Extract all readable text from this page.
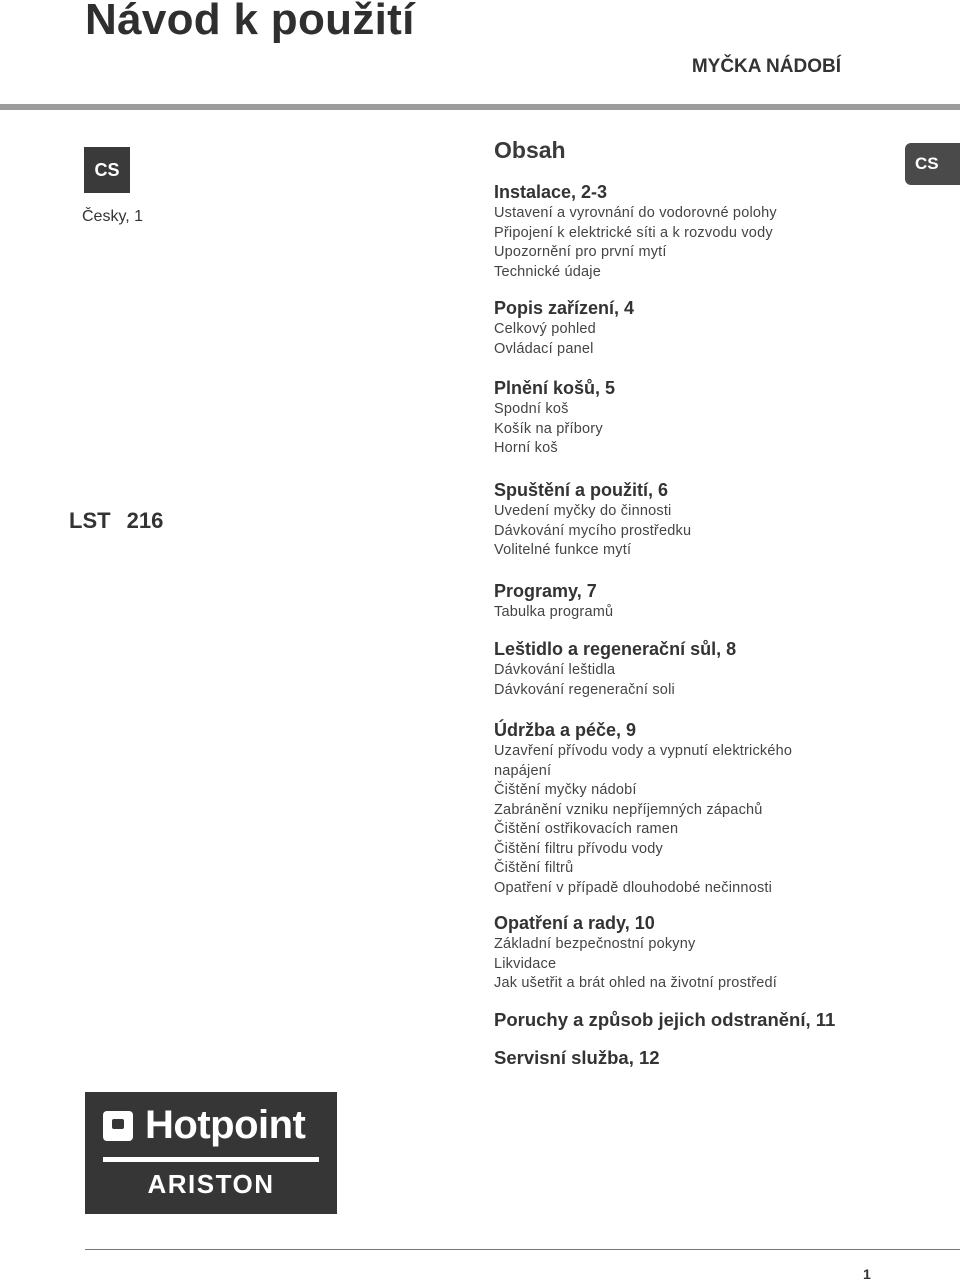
Návod k použití
MYČKA NÁDOBÍ
CS
Česky, 1
LST 216
CS
Obsah
Instalace, 2-3
Ustavení a vyrovnání do vodorovné polohy
Připojení k elektrické síti a k rozvodu vody
Upozornění pro první mytí
Technické údaje
Popis zařízení, 4
Celkový pohled
Ovládací panel
Plnění košů, 5
Spodní koš
Košík na příbory
Horní koš
Spuštění a použití, 6
Uvedení myčky do činnosti
Dávkování mycího prostředku
Volitelné funkce mytí
Programy, 7
Tabulka programů
Leštidlo a regenerační sůl, 8
Dávkování leštidla
Dávkování regenerační soli
Údržba a péče, 9
Uzavření přívodu vody a vypnutí elektrického
napájení
Čištění myčky nádobí
Zabránění vzniku nepříjemných zápachů
Čištění ostřikovacích ramen
Čištění filtru přívodu vody
Čištění filtrů
Opatření v případě dlouhodobé nečinnosti
Opatření a rady, 10
Základní bezpečnostní pokyny
Likvidace
Jak ušetřit a brát ohled na životní prostředí
Poruchy a způsob jejich odstranění, 11
Servisní služba, 12
Hotpoint
ARISTON
1
